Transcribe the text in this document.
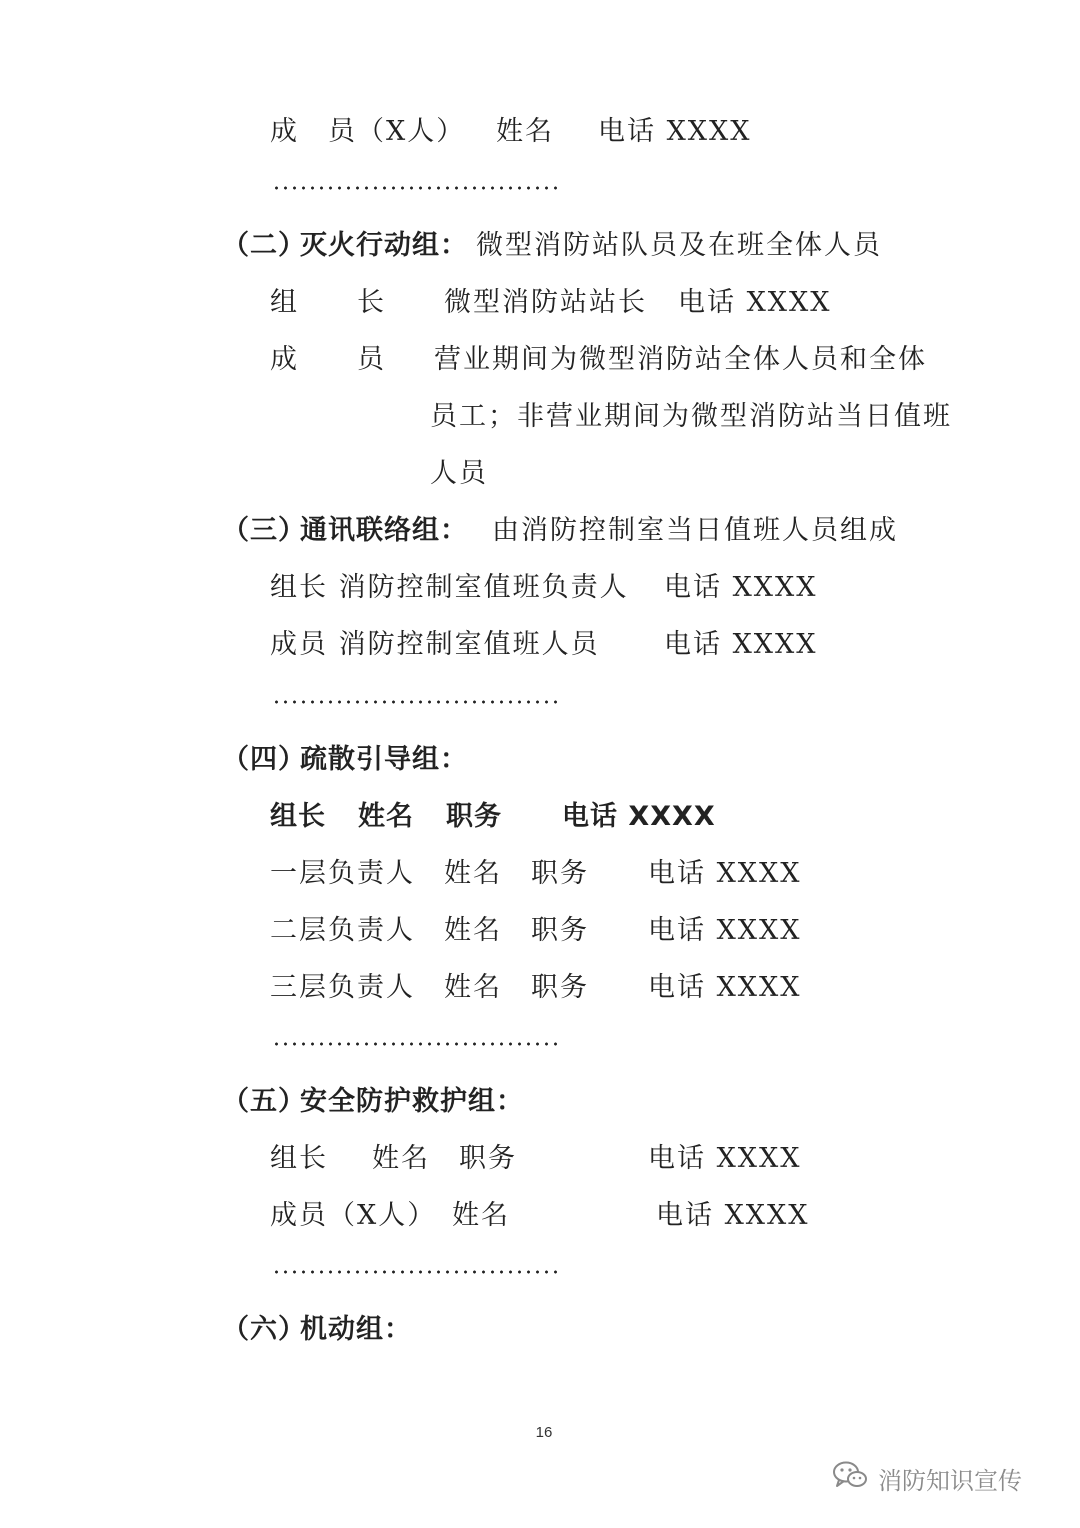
成　员（X人） 姓名 电话 XXXX
（二）
灭火行动组： 微型消防站队员及在班全体人员
组　　长 微型消防站站长 电话 XXXX
成　　员 营业期间为微型消防站全体人员和全体
员工；非营业期间为微型消防站当日值班
人员
（三）
通讯联络组： 由消防控制室当日值班人员组成
组长 消防控制室值班负责人 电话 XXXX
成员 消防控制室值班人员 电话 XXXX
（四）
疏散引导组：
组长 姓名 职务 电话 XXXX
一层负责人 姓名 职务 电话 XXXX
二层负责人 姓名 职务 电话 XXXX
三层负责人 姓名 职务 电话 XXXX
（五）
安全防护救护组：
组长 姓名 职务	电话 XXXX
成员（X人） 姓名	电话 XXXX
（六）
机动组：
16
消防知识宣传
